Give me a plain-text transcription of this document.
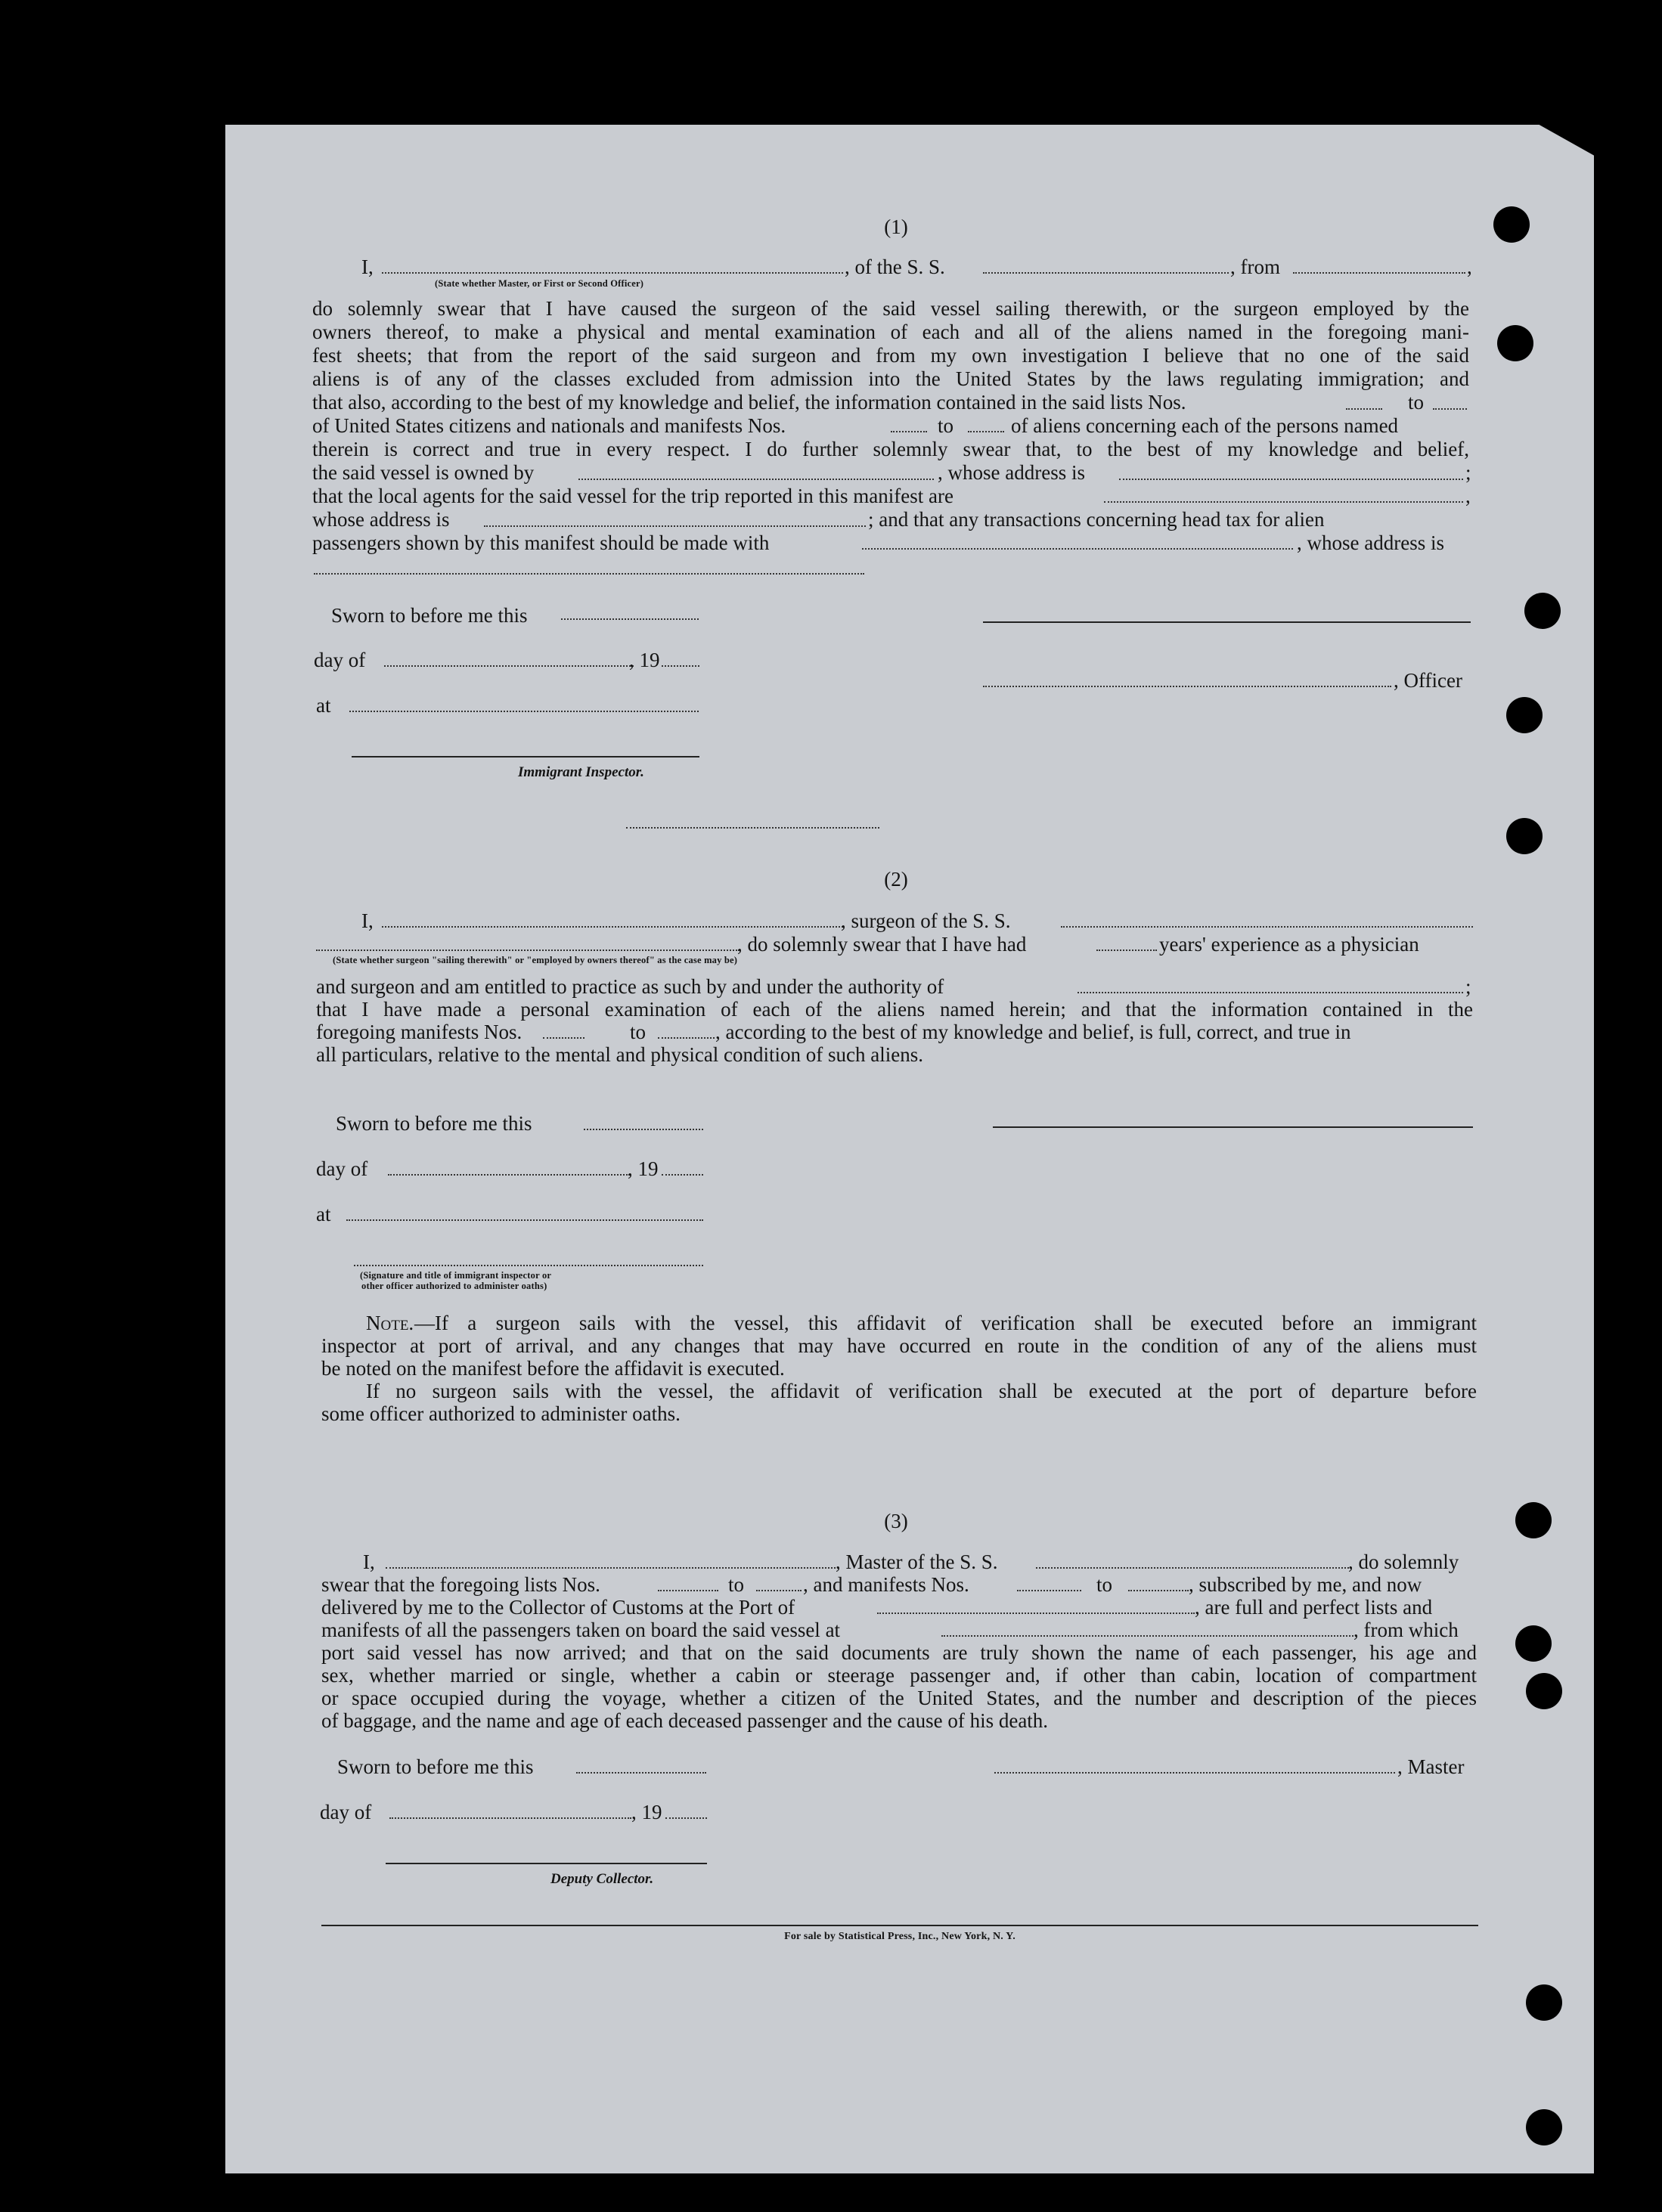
(1)
I,	, of the S. S.	, from	,
(State whether Master, or First or Second Officer)
do solemnly swear that I have caused the surgeon of the said vessel sailing therewith, or the surgeon employed by the
owners thereof, to make a physical and mental examination of each and all of the aliens named in the foregoing mani-
fest sheets; that from the report of the said surgeon and from my own investigation I believe that no one of the said
aliens is of any of the classes excluded from admission into the United States by the laws regulating immigration; and
that also, according to the best of my knowledge and belief, the information contained in the said lists Nos.	to
of United States citizens and nationals and manifests Nos.	to	of aliens concerning each of the persons named
therein is correct and true in every respect. I do further solemnly swear that, to the best of my knowledge and belief,
the said vessel is owned by	, whose address is	;
that the local agents for the said vessel for the trip reported in this manifest are	,
whose address is	; and that any transactions concerning head tax for alien
passengers shown by this manifest should be made with	, whose address is
Sworn to before me this
day of	, 19
, Officer
at
Immigrant Inspector.
(2)
I,	, surgeon of the S. S.
, do solemnly swear that I have had	years' experience as a physician
(State whether surgeon "sailing therewith" or "employed by owners thereof" as the case may be)
and surgeon and am entitled to practice as such by and under the authority of	;
that I have made a personal examination of each of the aliens named herein; and that the information contained in the
foregoing manifests Nos.	to	, according to the best of my knowledge and belief, is full, correct, and true in
all particulars, relative to the mental and physical condition of such aliens.
Sworn to before me this
day of	, 19
at
(Signature and title of immigrant inspector or
other officer authorized to administer oaths)
Note. —If a surgeon sails with the vessel, this affidavit of verification shall be executed before an immigrant
inspector at port of arrival, and any changes that may have occurred en route in the condition of any of the aliens must
be noted on the manifest before the affidavit is executed.
If no surgeon sails with the vessel, the affidavit of verification shall be executed at the port of departure before
some officer authorized to administer oaths.
(3)
I,	, Master of the S. S.	, do solemnly
swear that the foregoing lists Nos.	to	, and manifests Nos.	to	, subscribed by me, and now
delivered by me to the Collector of Customs at the Port of	, are full and perfect lists and
manifests of all the passengers taken on board the said vessel at	, from which
port said vessel has now arrived; and that on the said documents are truly shown the name of each passenger, his age and
sex, whether married or single, whether a cabin or steerage passenger and, if other than cabin, location of compartment
or space occupied during the voyage, whether a citizen of the United States, and the number and description of the pieces
of baggage, and the name and age of each deceased passenger and the cause of his death.
Sworn to before me this	, Master
day of	, 19
Deputy Collector.
For sale by Statistical Press, Inc., New York, N. Y.
